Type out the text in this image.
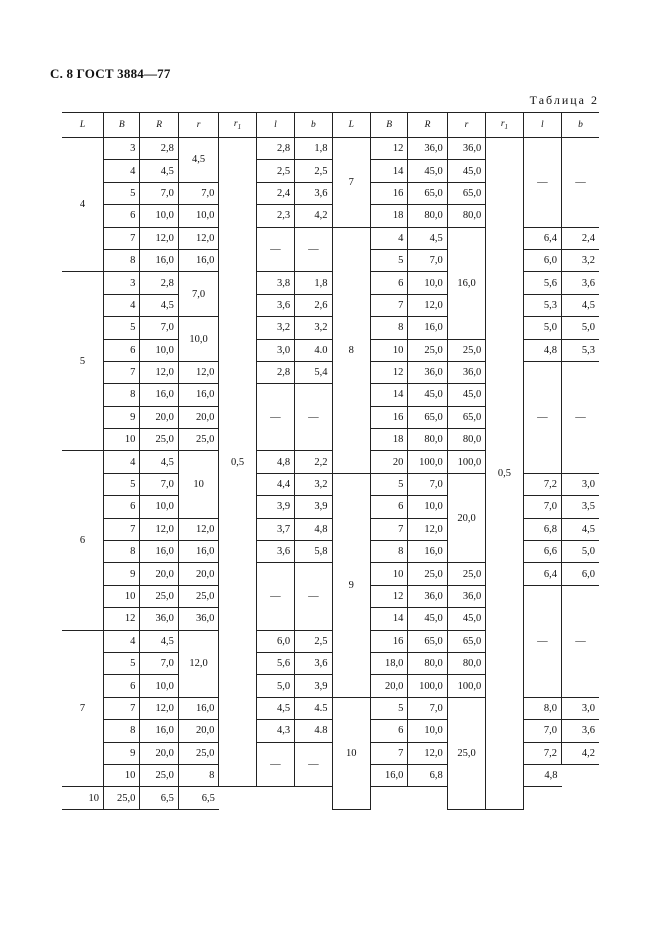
С. 8 ГОСТ 3884—77
Таблица 2
L	B	R	r	$r_1$	l	b	L	B	R	r	$r_1$	l	b
4	3	2,8	4,5	0,5	2,8	1,8	7	12	36,0	36,0	0,5	—	—
	4	4,5			2,5	2,5		14	45,0	45,0			
	5	7,0	7,0		2,4	3,6		16	65,0	65,0			
	6	10,0	10,0		2,3	4,2		18	80,0	80,0			
	7	12,0	12,0		—	—	8	4	4,5	16,0		6,4	2,4
	8	16,0	16,0					5	7,0			6,0	3,2
5	3	2,8	7,0		3,8	1,8		6	10,0			5,6	3,6
	4	4,5			3,6	2,6		7	12,0			5,3	4,5
	5	7,0	10,0		3,2	3,2		8	16,0			5,0	5,0
	6	10,0			3,0	4.0		10	25,0	25,0		4,8	5,3
	7	12,0	12,0		2,8	5,4		12	36,0	36,0		—	—
	8	16,0	16,0		—	—		14	45,0	45,0			
	9	20,0	20,0					16	65,0	65,0			
	10	25,0	25,0					18	80,0	80,0			
6	4	4,5	10		4,8	2,2		20	100,0	100,0			
	5	7,0			4,4	3,2	9	5	7,0	20,0		7,2	3,0
	6	10,0			3,9	3,9		6	10,0			7,0	3,5
	7	12,0	12,0		3,7	4,8		7	12,0			6,8	4,5
	8	16,0	16,0		3,6	5,8		8	16,0			6,6	5,0
	9	20,0	20,0		—	—		10	25,0	25,0		6,4	6,0
	10	25,0	25,0					12	36,0	36,0		—	—
	12	36,0	36,0					14	45,0	45,0			
7	4	4,5	12,0		6,0	2,5		16	65,0	65,0			
	5	7,0			5,6	3,6		18,0	80,0	80,0			
	6	10,0			5,0	3,9		20,0	100,0	100,0			
	7	12,0	16,0		4,5	4.5	10	5	7,0	25,0		8,0	3,0
	8	16,0	20,0		4,3	4.8		6	10,0			7,0	3,6
	9	20,0	25,0		—	—		7	12,0			7,2	4,2
	10	25,0	8					16,0	6,8			4,8	
10	25,0	6,5	6,5										
